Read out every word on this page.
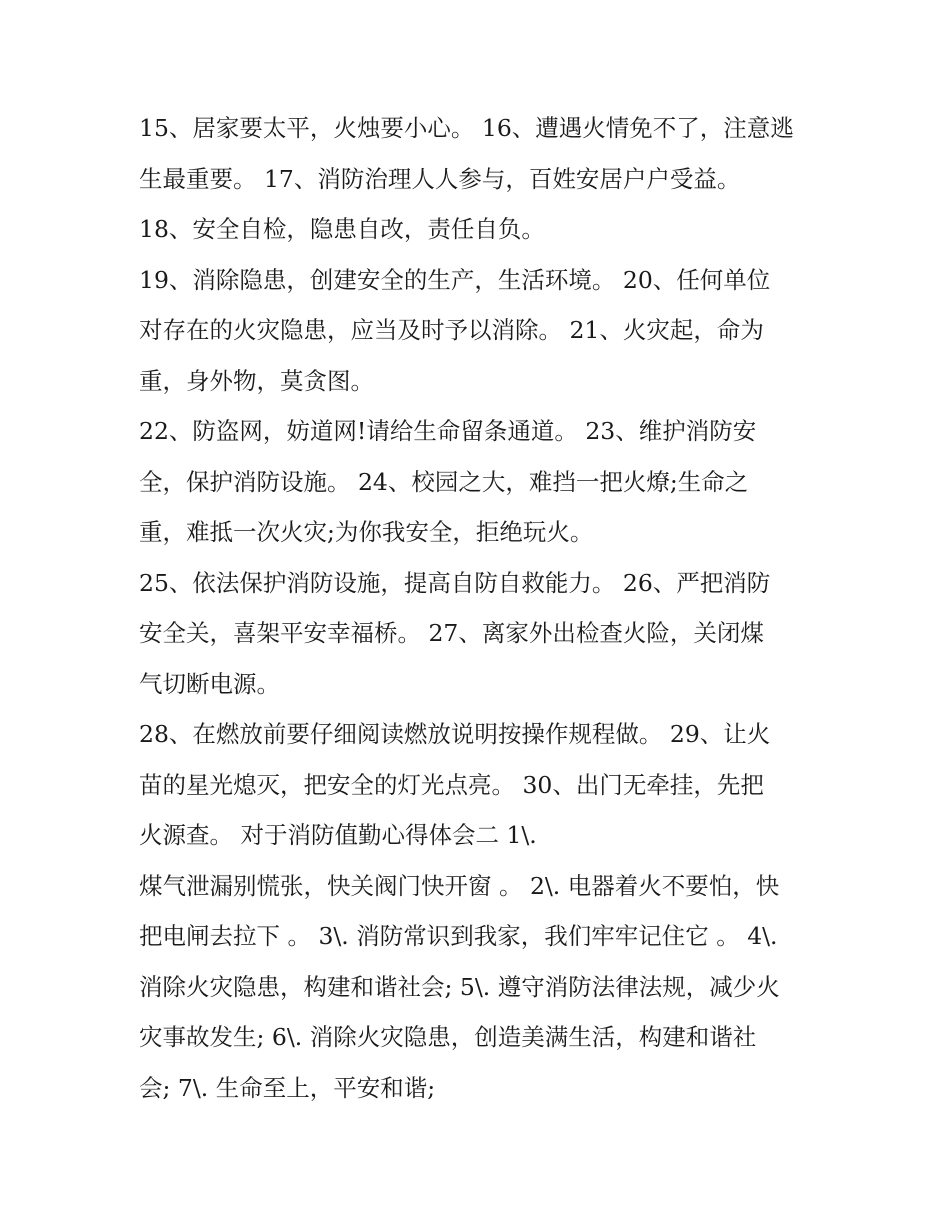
15、居家要太平，火烛要小心。 16、遭遇火情免不了，注意逃
生最重要。 17、消防治理人人参与，百姓安居户户受益。
18、安全自检，隐患自改，责任自负。
19、消除隐患，创建安全的生产，生活环境。 20、任何单位
对存在的火灾隐患，应当及时予以消除。 21、火灾起，命为
重，身外物，莫贪图。
22、防盗网，妨道网!请给生命留条通道。 23、维护消防安
全，保护消防设施。 24、校园之大，难挡一把火燎;生命之
重，难抵一次火灾;为你我安全，拒绝玩火。
25、依法保护消防设施，提高自防自救能力。 26、严把消防
安全关，喜架平安幸福桥。 27、离家外出检查火险，关闭煤
气切断电源。
28、在燃放前要仔细阅读燃放说明按操作规程做。 29、让火
苗的星光熄灭，把安全的灯光点亮。 30、出门无牵挂，先把
火源查。 对于消防值勤心得体会二 1\.
煤气泄漏别慌张，快关阀门快开窗 。 2\. 电器着火不要怕，快
把电闸去拉下 。 3\. 消防常识到我家，我们牢牢记住它 。 4\.
消除火灾隐患，构建和谐社会; 5\. 遵守消防法律法规，减少火
灾事故发生; 6\. 消除火灾隐患，创造美满生活，构建和谐社
会; 7\. 生命至上，平安和谐;
